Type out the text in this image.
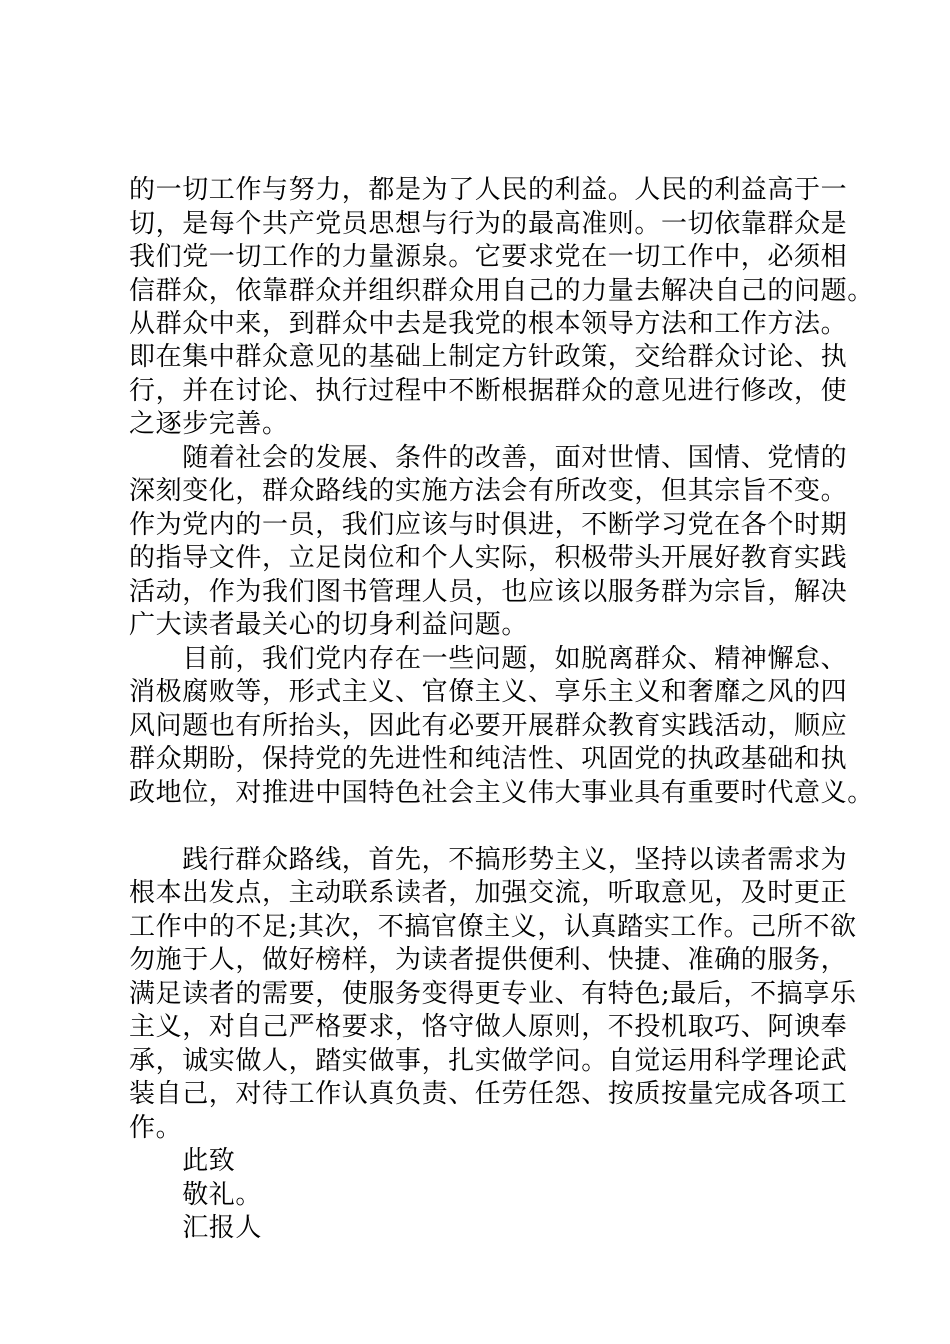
的一切工作与努力，都是为了人民的利益。人民的利益高于一
切，是每个共产党员思想与行为的最高准则。一切依靠群众是
我们党一切工作的力量源泉。它要求党在一切工作中，必须相
信群众，依靠群众并组织群众用自己的力量去解决自己的问题。
从群众中来，到群众中去是我党的根本领导方法和工作方法。
即在集中群众意见的基础上制定方针政策，交给群众讨论、执
行，并在讨论、执行过程中不断根据群众的意见进行修改，使
之逐步完善。
　　随着社会的发展、条件的改善，面对世情、国情、党情的
深刻变化，群众路线的实施方法会有所改变，但其宗旨不变。
作为党内的一员，我们应该与时俱进，不断学习党在各个时期
的指导文件，立足岗位和个人实际，积极带头开展好教育实践
活动，作为我们图书管理人员，也应该以服务群为宗旨，解决
广大读者最关心的切身利益问题。
　　目前，我们党内存在一些问题，如脱离群众、精神懈怠、
消极腐败等，形式主义、官僚主义、享乐主义和奢靡之风的四
风问题也有所抬头，因此有必要开展群众教育实践活动，顺应
群众期盼，保持党的先进性和纯洁性、巩固党的执政基础和执
政地位，对推进中国特色社会主义伟大事业具有重要时代意义。
　　践行群众路线，首先，不搞形势主义，坚持以读者需求为
根本出发点，主动联系读者，加强交流，听取意见，及时更正
工作中的不足;其次，不搞官僚主义，认真踏实工作。己所不欲
勿施于人，做好榜样，为读者提供便利、快捷、准确的服务，
满足读者的需要，使服务变得更专业、有特色;最后，不搞享乐
主义，对自己严格要求，恪守做人原则，不投机取巧、阿谀奉
承，诚实做人，踏实做事，扎实做学问。自觉运用科学理论武
装自己，对待工作认真负责、任劳任怨、按质按量完成各项工
作。
　　此致
　　敬礼。
　　汇报人
